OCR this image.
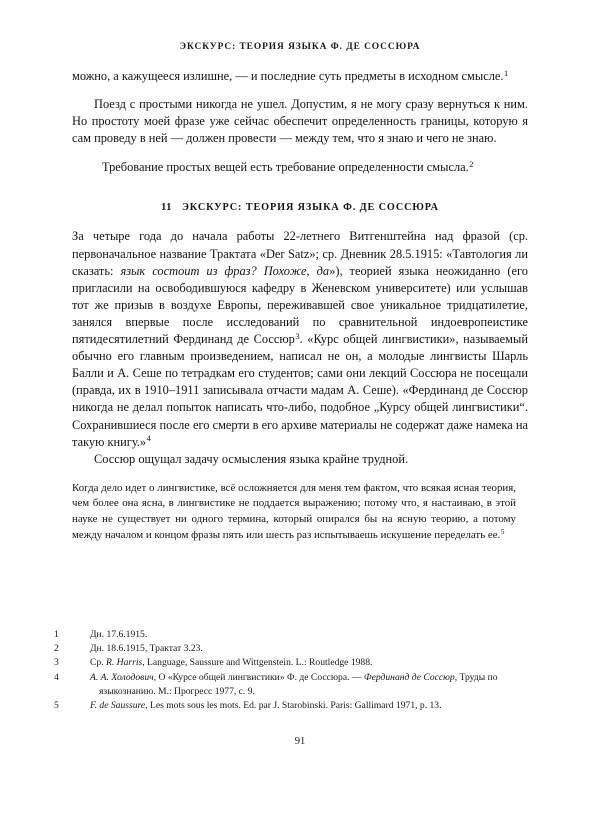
ЭКСКУРС: ТЕОРИЯ ЯЗЫКА Ф. ДЕ СОССЮРА

можно, а кажущееся излишне, — и последние суть предметы в исходном смысле.$^1$

Поезд с простыми никогда не ушел. Допустим, я не могу сразу вернуться к ним. Но простоту моей фразе уже сейчас обеспечит определенность границы, которую я сам проведу в ней — должен провести — между тем, что я знаю и чего не знаю.

Требование простых вещей есть требование определенности смысла.$^2$

11 ЭКСКУРС: ТЕОРИЯ ЯЗЫКА Ф. ДЕ СОССЮРА

За четыре года до начала работы 22-летнего Витгенштейна над фразой (ср. первоначальное название Трактата «Der Satz»; ср. Дневник 28.5.1915: «Тавтология ли сказать: язык состоит из фраз? Похоже, да»), теорией языка неожиданно (его пригласили на освободившуюся кафедру в Женевском университете) или услышав тот же призыв в воздухе Европы, переживавшей свое уникальное тридцатилетие, занялся впервые после исследований по сравнительной индоевропеистике пятидесятилетний Фердинанд де Соссюр$^3$. «Курс общей лингвистики», называемый обычно его главным произведением, написал не он, а молодые лингвисты Шарль Балли и А. Сеше по тетрадкам его студентов; сами они лекций Соссюра не посещали (правда, их в 1910–1911 записывала отчасти мадам А. Сеше). «Фердинанд де Соссюр никогда не делал попыток написать что-либо, подобное „Курсу общей лингвистики“. Сохранившиеся после его смерти в его архиве материалы не содержат даже намека на такую книгу.»$^4$

Соссюр ощущал задачу осмысления языка крайне трудной.

Когда дело идет о лингвистике, всё осложняется для меня тем фактом, что всякая ясная теория, чем более она ясна, в лингвистике не поддается выражению; потому что, я настаиваю, в этой науке не существует ни одного термина, который опирался бы на ясную теорию, а потому между началом и концом фразы пять или шесть раз испытываешь искушение переделать ее.$^5$

1	Дн. 17.6.1915.

2	Дн. 18.6.1915, Трактат 3.23.

3	Ср. R. Harris, Language, Saussure and Wittgenstein. L.: Routledge 1988.

4	А. А. Холодович, О «Курсе общей лингвистики» Ф. де Соссюра. — Фердинанд де Соссюр, Труды по языкознанию. М.: Прогресс 1977, с. 9.

5	F. de Saussure, Les mots sous les mots. Ed. par J. Starobinski. Paris: Gallimard 1971, p. 13.

91
